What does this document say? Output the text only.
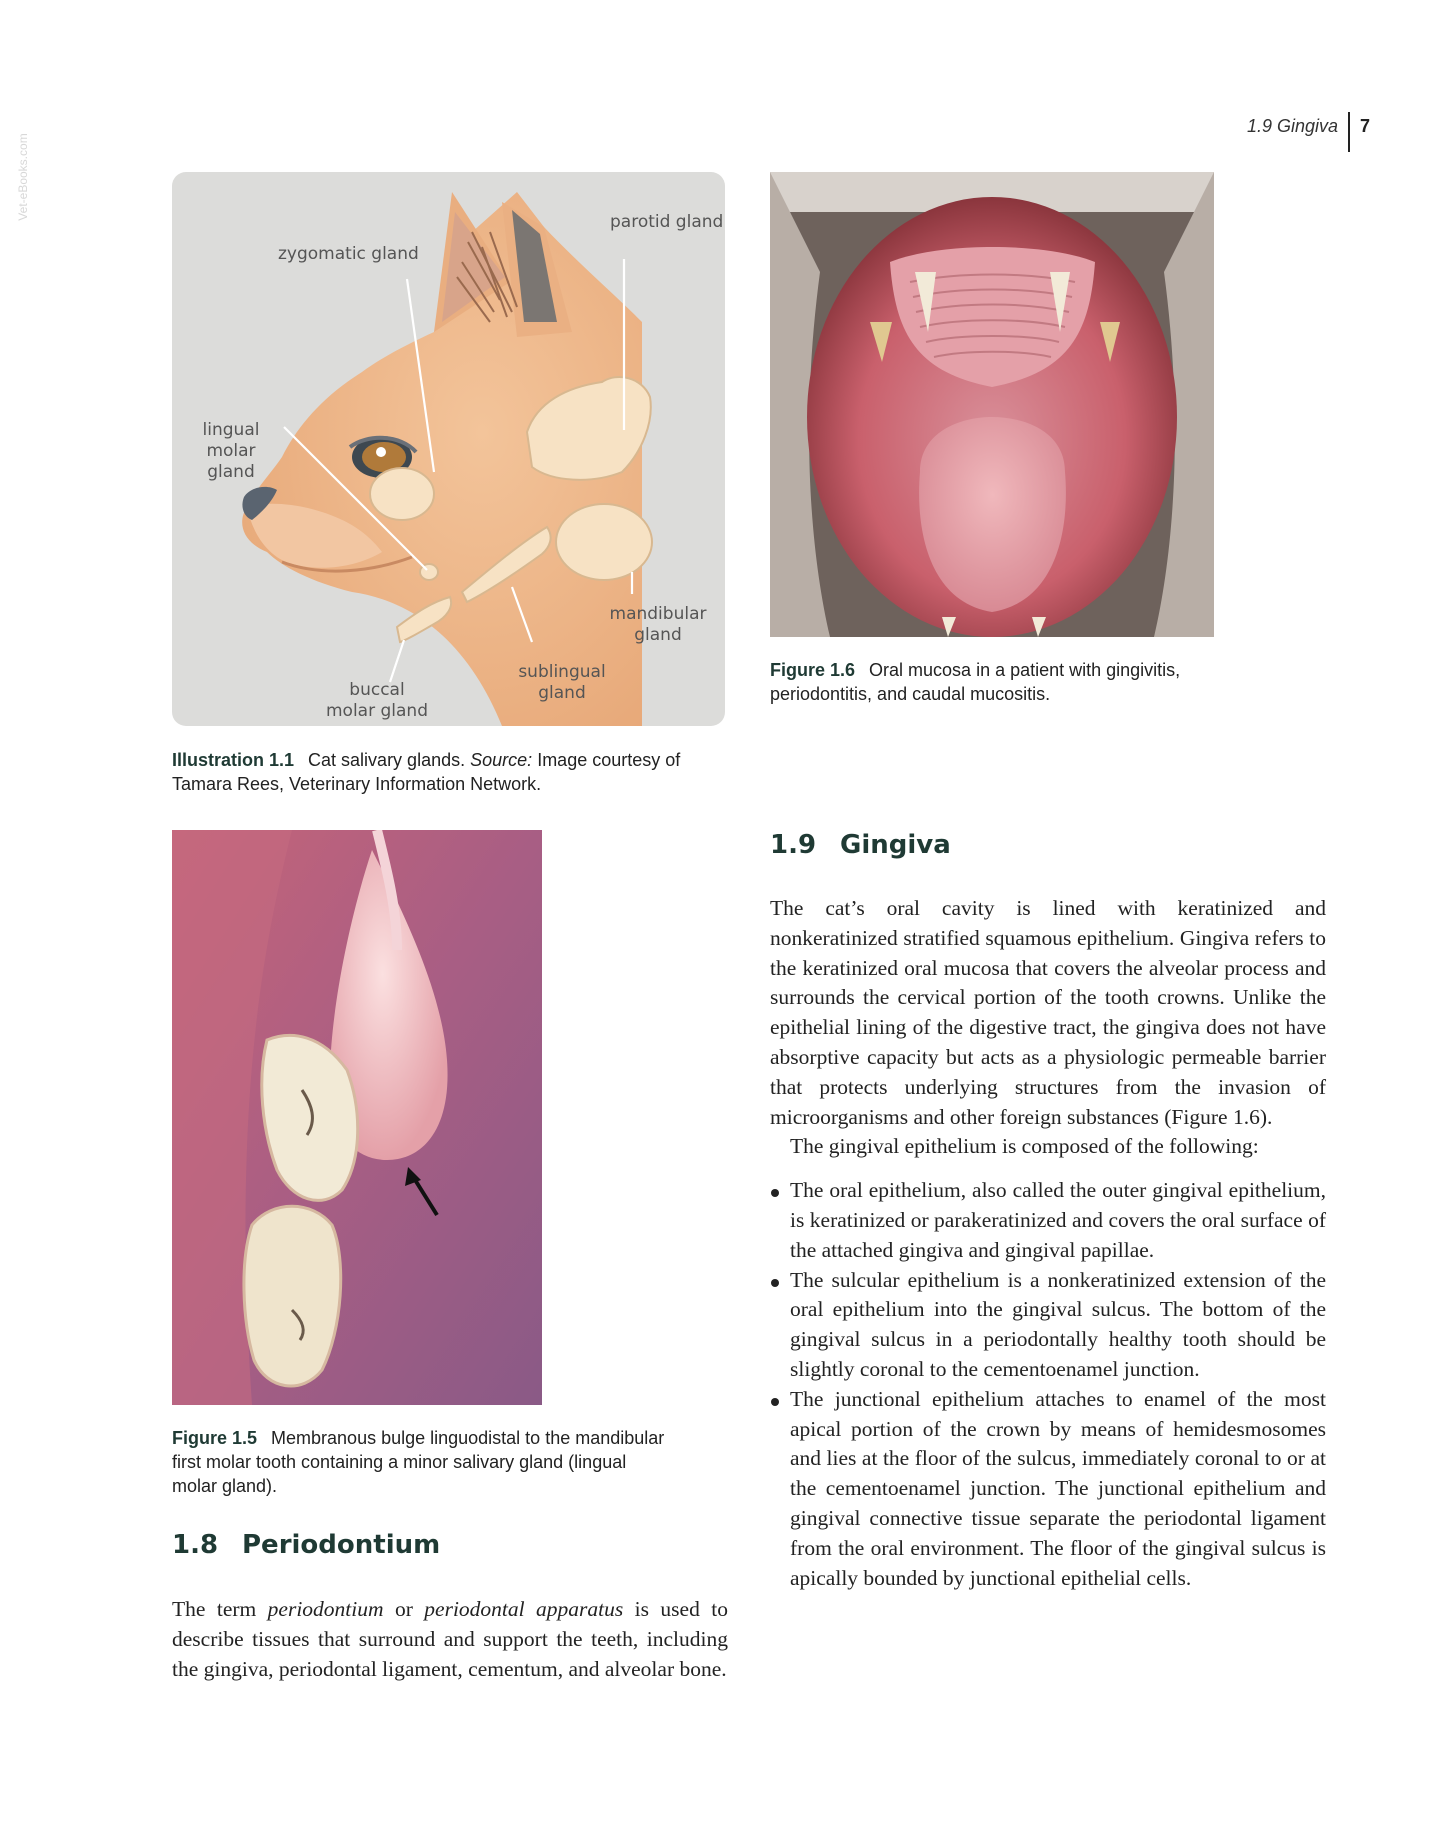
1.9 Gingiva 7
Vet-eBooks.com
parotid gland
zygomatic gland
lingual
molar gland
mandibular
gland
sublingual
gland
buccal
molar gland
Illustration 1.1 Cat salivary glands. Source: Image courtesy of
Tamara Rees, Veterinary Information Network.
Figure 1.6 Oral mucosa in a patient with gingivitis,
periodontitis, and caudal mucositis.
Figure 1.5 Membranous bulge linguodistal to the mandibular
first molar tooth containing a minor salivary gland (lingual
molar gland).
1.8 Periodontium

The term periodontium or periodontal apparatus is used to describe tissues that surround and support the teeth, including the gingiva, periodontal ligament, cementum, and alveolar bone.

1.9 Gingiva

The cat’s oral cavity is lined with keratinized and nonkeratinized stratified squamous epithelium. Gingiva refers to the keratinized oral mucosa that covers the alveolar process and surrounds the cervical portion of the tooth crowns. Unlike the epithelial lining of the digestive tract, the gingiva does not have absorptive capacity but acts as a physiologic permeable barrier that protects underlying structures from the invasion of microorganisms and other foreign substances (Figure 1.6).

The gingival epithelium is composed of the following:

The oral epithelium, also called the outer gingival epithelium, is keratinized or parakeratinized and covers the oral surface of the attached gingiva and gingival papillae.
The sulcular epithelium is a nonkeratinized extension of the oral epithelium into the gingival sulcus. The bottom of the gingival sulcus in a periodontally healthy tooth should be slightly coronal to the cementoenamel junction.
The junctional epithelium attaches to enamel of the most apical portion of the crown by means of hemidesmosomes and lies at the floor of the sulcus, immediately coronal to or at the cementoenamel junction. The junctional epithelium and gingival connective tissue separate the periodontal ligament from the oral environment. The floor of the gingival sulcus is apically bounded by junctional epithelial cells.
